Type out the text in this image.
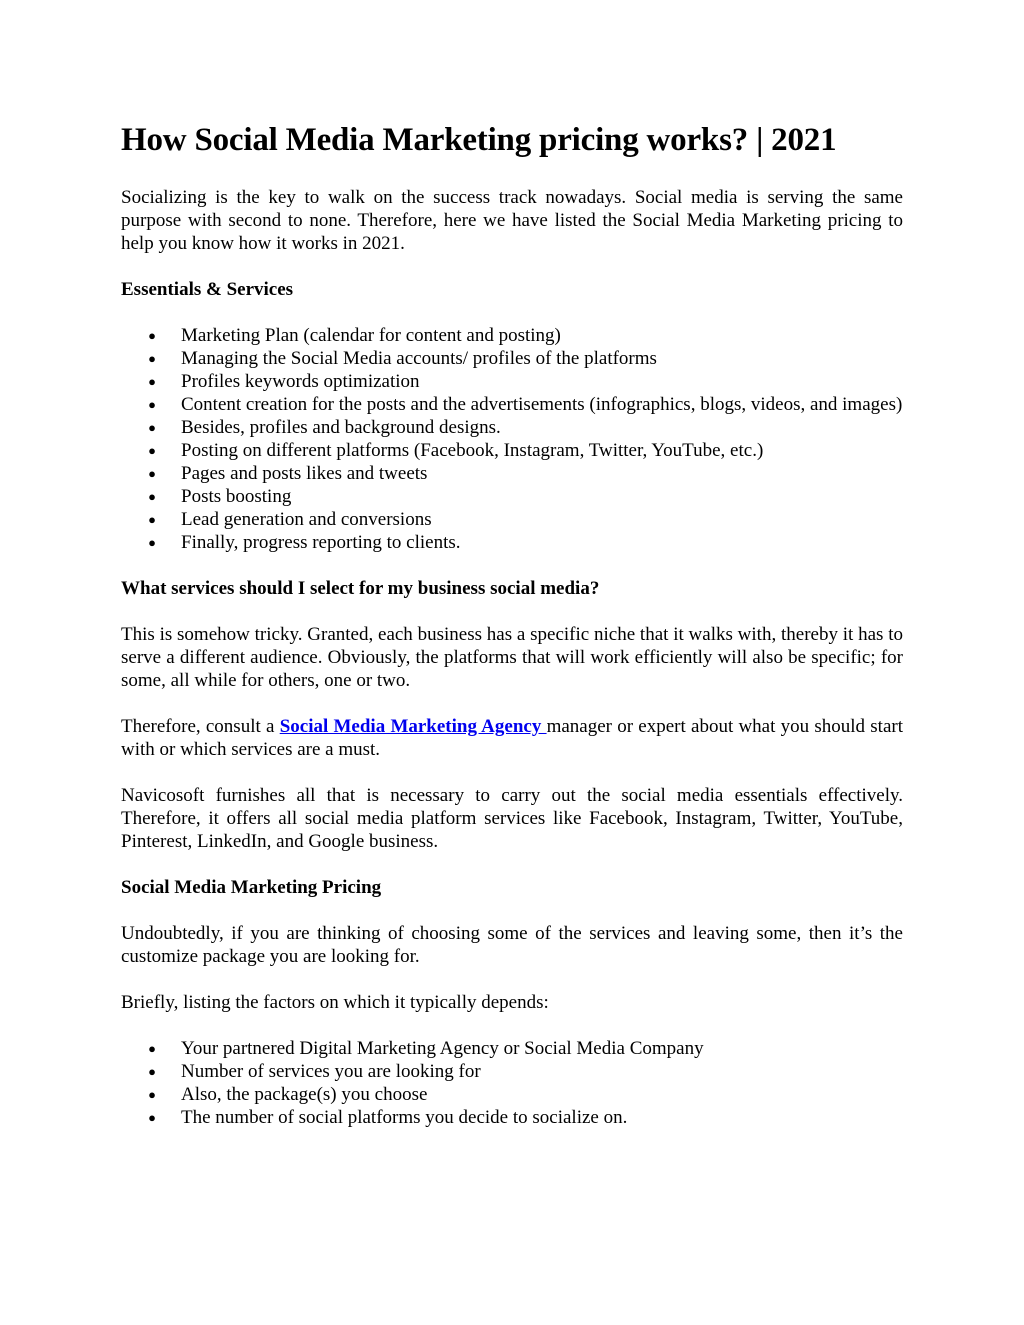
How Social Media Marketing pricing works? | 2021

Socializing is the key to walk on the success track nowadays. Social media is serving the same purpose with second to none. Therefore, here we have listed the Social Media Marketing pricing to help you know how it works in 2021.

Essentials & Services

● Marketing Plan (calendar for content and posting)
● Managing the Social Media accounts/ profiles of the platforms
● Profiles keywords optimization
● Content creation for the posts and the advertisements (infographics, blogs, videos, and images)
● Besides, profiles and background designs.
● Posting on different platforms (Facebook, Instagram, Twitter, YouTube, etc.)
● Pages and posts likes and tweets
● Posts boosting
● Lead generation and conversions
● Finally, progress reporting to clients.

What services should I select for my business social media?

This is somehow tricky. Granted, each business has a specific niche that it walks with, thereby it has to serve a different audience. Obviously, the platforms that will work efficiently will also be specific; for some, all while for others, one or two.

Therefore, consult a Social Media Marketing Agency manager or expert about what you should start with or which services are a must.

Navicosoft furnishes all that is necessary to carry out the social media essentials effectively. Therefore, it offers all social media platform services like Facebook, Instagram, Twitter, YouTube, Pinterest, LinkedIn, and Google business.

Social Media Marketing Pricing

Undoubtedly, if you are thinking of choosing some of the services and leaving some, then it’s the customize package you are looking for.

Briefly, listing the factors on which it typically depends:

● Your partnered Digital Marketing Agency or Social Media Company
● Number of services you are looking for
● Also, the package(s) you choose
● The number of social platforms you decide to socialize on.
